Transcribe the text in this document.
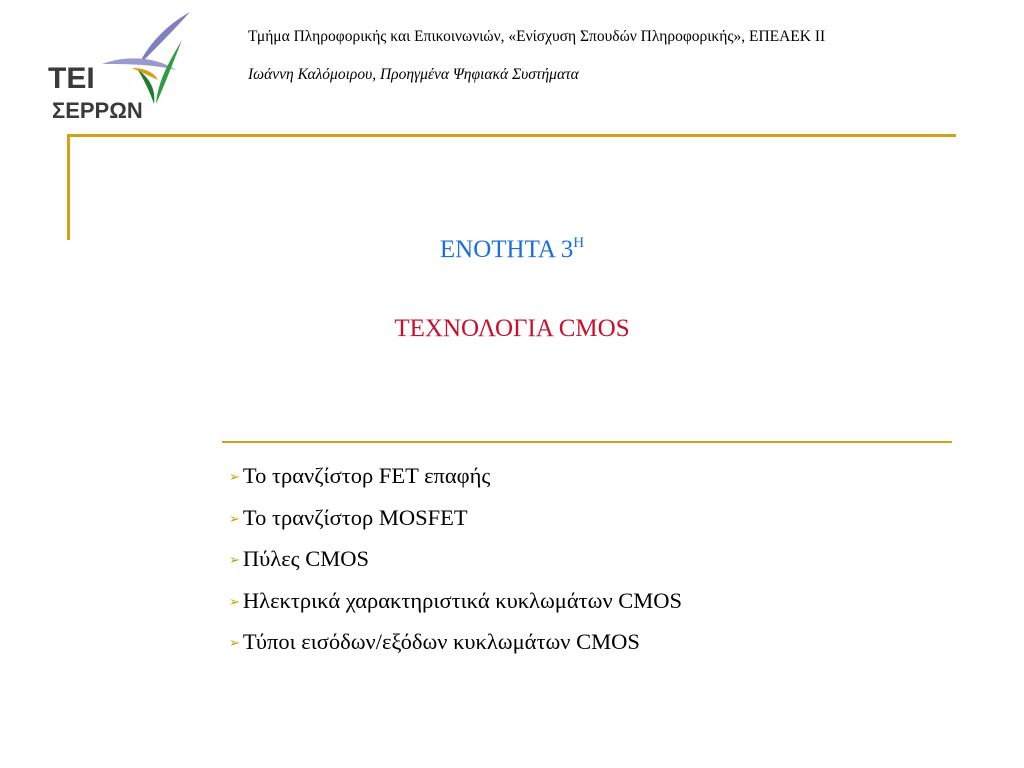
TEI
ΣΕΡΡΩΝ
Τμήμα Πληροφορικής και Επικοινωνιών, «Ενίσχυση Σπουδών Πληροφορικής», ΕΠΕΑΕΚ ΙΙ
Ιωάννη Καλόμοιρου, Προηγμένα Ψηφιακά Συστήματα
ΕΝΟΤΗΤΑ $3^H$
ΤΕΧΝΟΛΟΓΙΑ CMOS
➢ Το τρανζίστορ FET επαφής
➢ Το τρανζίστορ MOSFET
➢ Πύλες CMOS
➢ Ηλεκτρικά χαρακτηριστικά κυκλωμάτων CMOS
➢ Τύποι εισόδων/εξόδων κυκλωμάτων CMOS
